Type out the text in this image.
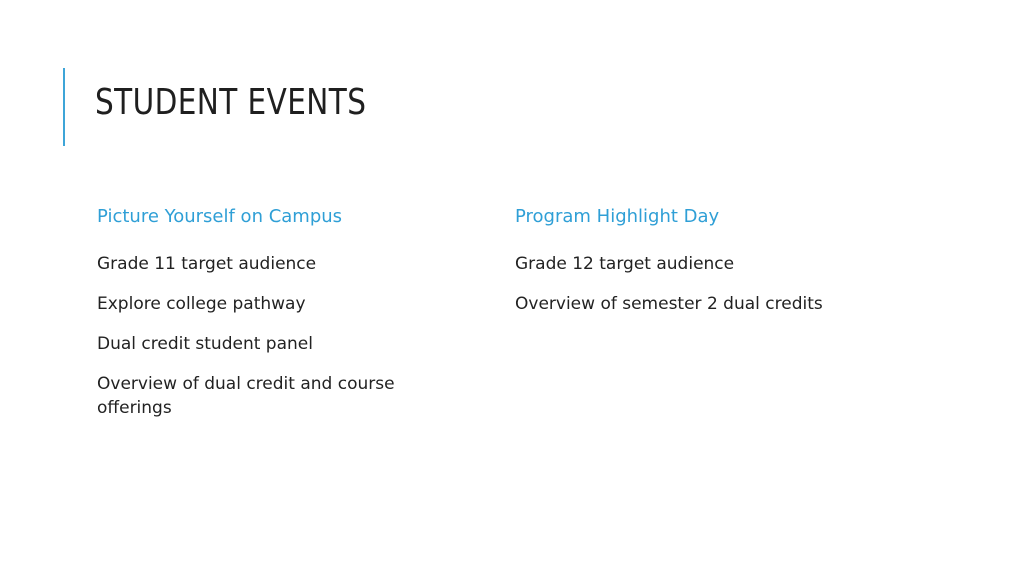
STUDENT EVENTS
Picture Yourself on Campus
Grade 11 target audience
Explore college pathway
Dual credit student panel
Overview of dual credit and course offerings
Program Highlight Day
Grade 12 target audience
Overview of semester 2 dual credits
